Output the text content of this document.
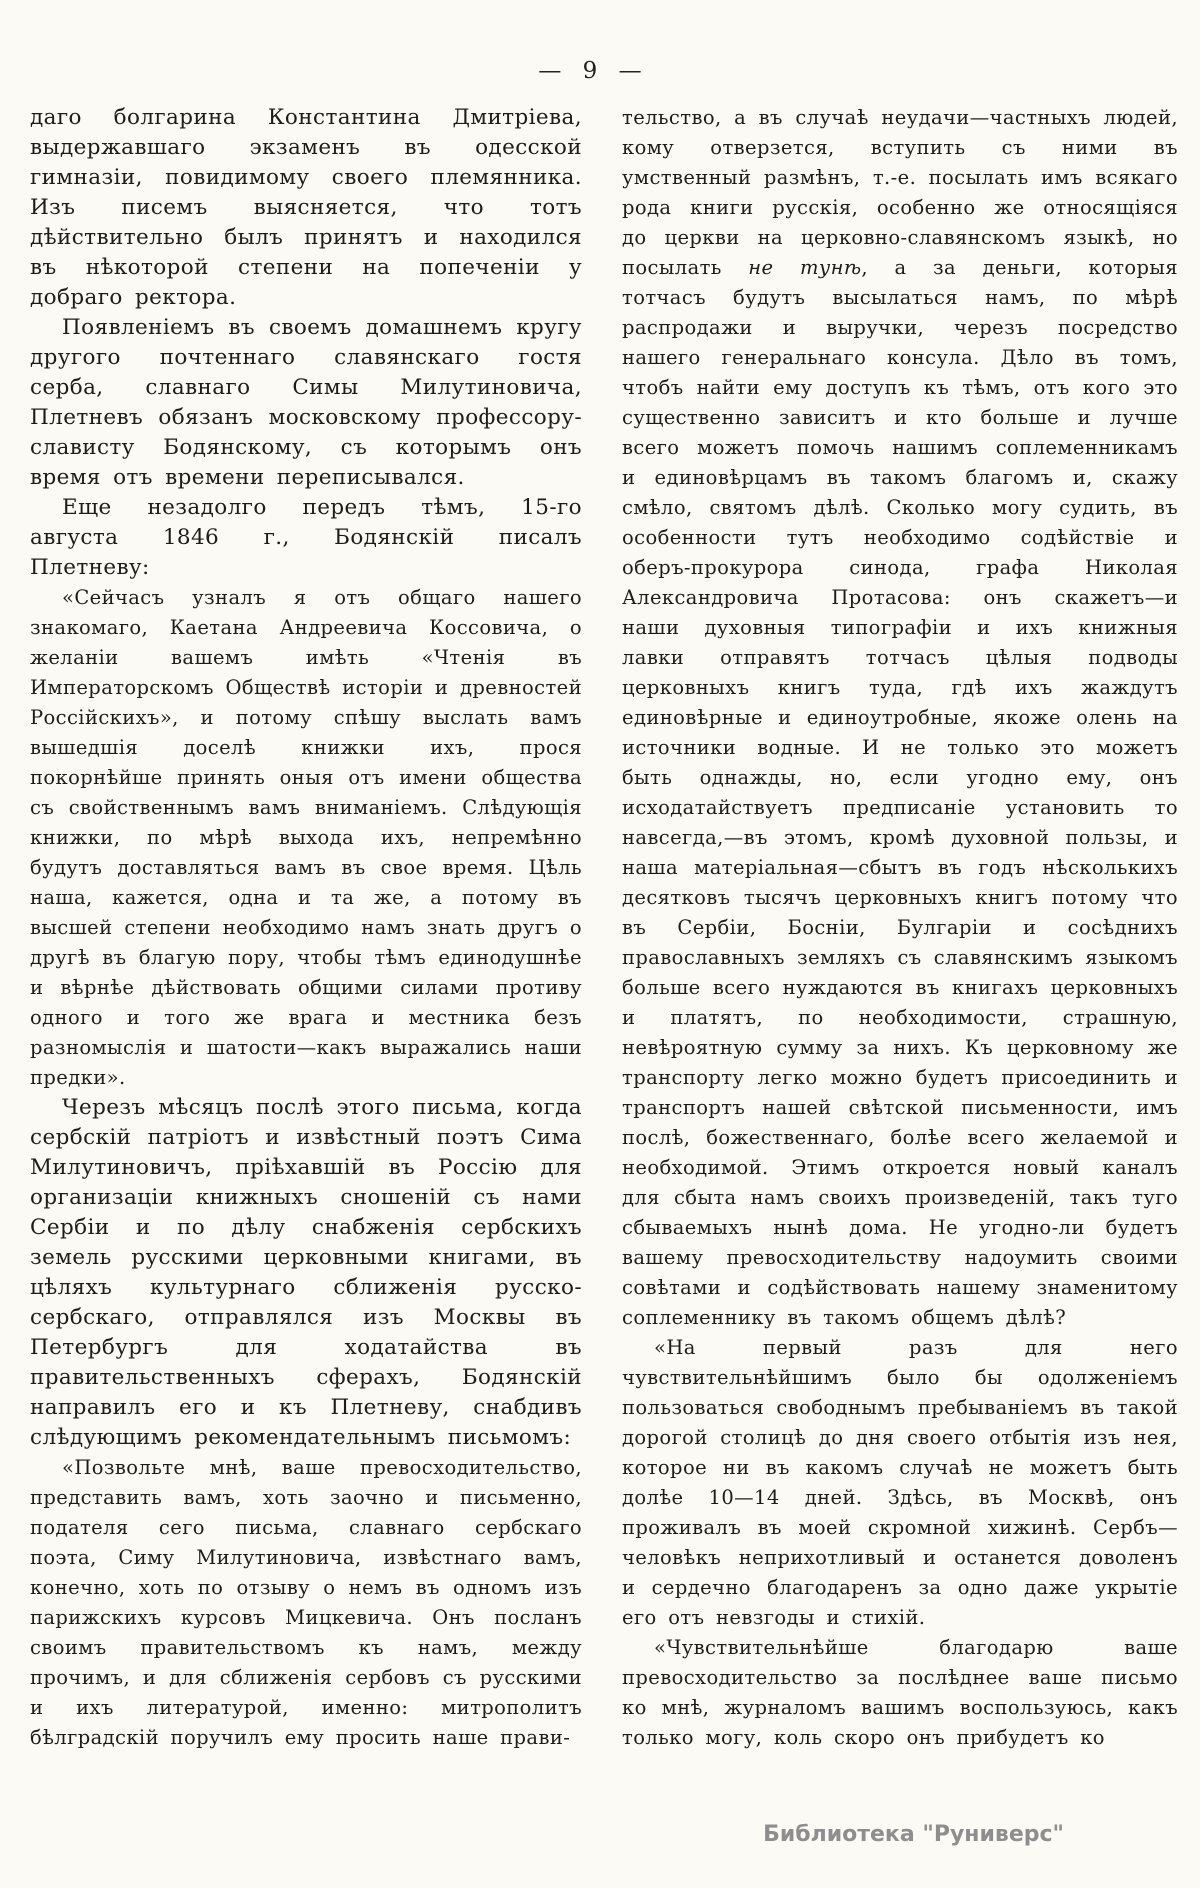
— 9 —

даго болгарина Константина Дмитріева, выдержавшаго экзаменъ въ одесской гимназіи, повидимому своего племянника. Изъ писемъ выясняется, что тотъ дѣйствительно былъ принятъ и находился въ нѣкоторой степени на попеченіи у добраго ректора.

Появленіемъ въ своемъ домашнемъ кругу другого почтеннаго славянскаго гостя серба, славнаго Симы Милутиновича, Плетневъ обязанъ московскому профессору-слависту Бодянскому, съ которымъ онъ время отъ времени переписывался.

Еще незадолго передъ тѣмъ, 15-го августа 1846 г., Бодянскій писалъ Плетневу:

«Сейчасъ узналъ я отъ общаго нашего знакомаго, Каетана Андреевича Коссовича, о желаніи вашемъ имѣть «Чтенія въ Императорскомъ Обществѣ исторіи и древностей Россійскихъ», и потому спѣшу выслать вамъ вышедшія доселѣ книжки ихъ, прося покорнѣйше принять оныя отъ имени общества съ свойственнымъ вамъ вниманіемъ. Слѣдующія книжки, по мѣрѣ выхода ихъ, непремѣнно будутъ доставляться вамъ въ свое время. Цѣль наша, кажется, одна и та же, а потому въ высшей степени необходимо намъ знать другъ о другѣ въ благую пору, чтобы тѣмъ единодушнѣе и вѣрнѣе дѣйствовать общими силами противу одного и того же врага и местника безъ разномыслія и шатости—какъ выражались наши предки».

Черезъ мѣсяцъ послѣ этого письма, когда сербскій патріотъ и извѣстный поэтъ Сима Милутиновичъ, пріѣхавшій въ Россію для организаціи книжныхъ сношеній съ нами Сербіи и по дѣлу снабженія сербскихъ земель русскими церковными книгами, въ цѣляхъ культурнаго сближенія русско-сербскаго, отправлялся изъ Москвы въ Петербургъ для ходатайства въ правительственныхъ сферахъ, Бодянскій направилъ его и къ Плетневу, снабдивъ слѣдующимъ рекомендательнымъ письмомъ:

«Позвольте мнѣ, ваше превосходительство, представить вамъ, хоть заочно и письменно, подателя сего письма, славнаго сербскаго поэта, Симу Милутиновича, извѣстнаго вамъ, конечно, хоть по отзыву о немъ въ одномъ изъ парижскихъ курсовъ Мицкевича. Онъ посланъ своимъ правительствомъ къ намъ, между прочимъ, и для сближенія сербовъ съ русскими и ихъ литературой, именно: митрополитъ бѣлградскій поручилъ ему просить наше прави-

тельство, а въ случаѣ неудачи—частныхъ людей, кому отверзется, вступить съ ними въ умственный размѣнъ, т.-е. посылать имъ всякаго рода книги русскія, особенно же относящіяся до церкви на церковно-славянскомъ языкѣ, но посылать не тунѣ, а за деньги, которыя тотчасъ будутъ высылаться намъ, по мѣрѣ распродажи и выручки, черезъ посредство нашего генеральнаго консула. Дѣло въ томъ, чтобъ найти ему доступъ къ тѣмъ, отъ кого это существенно зависитъ и кто больше и лучше всего можетъ помочь нашимъ соплеменникамъ и единовѣрцамъ въ такомъ благомъ и, скажу смѣло, святомъ дѣлѣ. Сколько могу судить, въ особенности тутъ необходимо содѣйствіе и оберъ-прокурора синода, графа Николая Александровича Протасова: онъ скажетъ—и наши духовныя типографіи и ихъ книжныя лавки отправятъ тотчасъ цѣлыя подводы церковныхъ книгъ туда, гдѣ ихъ жаждутъ единовѣрные и единоутробные, якоже олень на источники водные. И не только это можетъ быть однажды, но, если угодно ему, онъ исходатайствуетъ предписаніе установить то навсегда,—въ этомъ, кромѣ духовной пользы, и наша матеріальная—сбытъ въ годъ нѣсколькихъ десятковъ тысячъ церковныхъ книгъ потому что въ Сербіи, Босніи, Булгаріи и сосѣднихъ православныхъ земляхъ съ славянскимъ языкомъ больше всего нуждаются въ книгахъ церковныхъ и платятъ, по необходимости, страшную, невѣроятную сумму за нихъ. Къ церковному же транспорту легко можно будетъ присоединить и транспортъ нашей свѣтской письменности, имъ послѣ, божественнаго, болѣе всего желаемой и необходимой. Этимъ откроется новый каналъ для сбыта намъ своихъ произведеній, такъ туго сбываемыхъ нынѣ дома. Не угодно-ли будетъ вашему превосходительству надоумить своими совѣтами и содѣйствовать нашему знаменитому соплеменнику въ такомъ общемъ дѣлѣ?

«На первый разъ для него чувствительнѣйшимъ было бы одолженіемъ пользоваться свободнымъ пребываніемъ въ такой дорогой столицѣ до дня своего отбытія изъ нея, которое ни въ какомъ случаѣ не можетъ быть долѣе 10—14 дней. Здѣсь, въ Москвѣ, онъ проживалъ въ моей скромной хижинѣ. Сербъ—человѣкъ неприхотливый и останется доволенъ и сердечно благодаренъ за одно даже укрытіе его отъ невзгоды и стихій.

«Чувствительнѣйше благодарю ваше превосходительство за послѣднее ваше письмо ко мнѣ, журналомъ вашимъ воспользуюсь, какъ только могу, коль скоро онъ прибудетъ ко

Библиотека "Руниверс"
